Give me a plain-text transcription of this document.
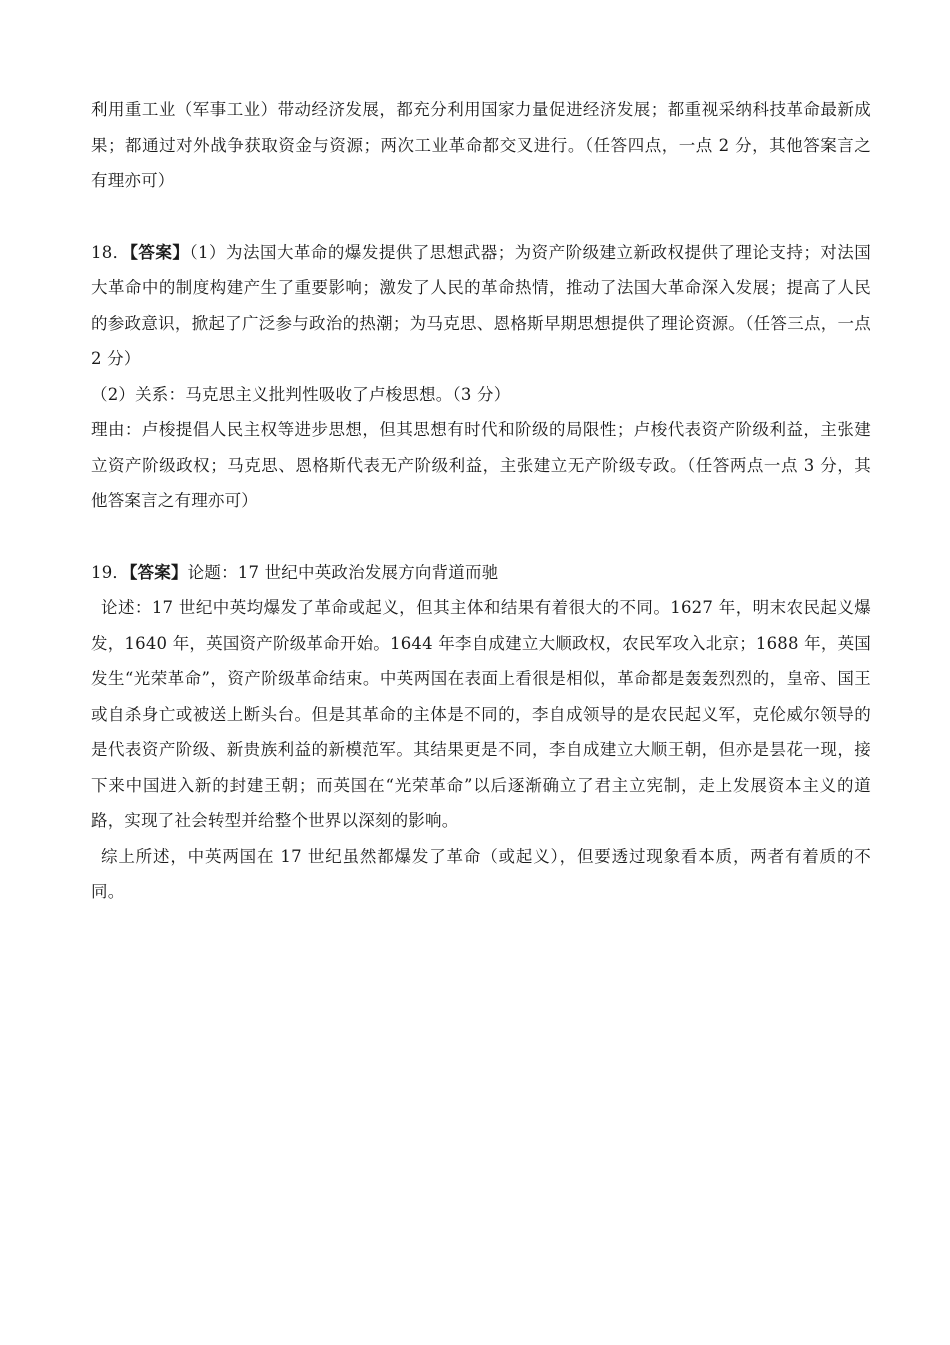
利用重工业（军事工业）带动经济发展，都充分利用国家力量促进经济发展；都重视采纳科技革命最新成果；都通过对外战争获取资金与资源；两次工业革命都交叉进行。（任答四点，一点 2 分，其他答案言之有理亦可）

18．【答案】（1）为法国大革命的爆发提供了思想武器；为资产阶级建立新政权提供了理论支持；对法国大革命中的制度构建产生了重要影响；激发了人民的革命热情，推动了法国大革命深入发展；提高了人民的参政意识，掀起了广泛参与政治的热潮；为马克思、恩格斯早期思想提供了理论资源。（任答三点，一点 2 分）

（2）关系：马克思主义批判性吸收了卢梭思想。（3 分）

理由：卢梭提倡人民主权等进步思想，但其思想有时代和阶级的局限性；卢梭代表资产阶级利益，主张建立资产阶级政权；马克思、恩格斯代表无产阶级利益，主张建立无产阶级专政。（任答两点一点 3 分，其他答案言之有理亦可）

19．【答案】论题：17 世纪中英政治发展方向背道而驰

论述：17 世纪中英均爆发了革命或起义，但其主体和结果有着很大的不同。1627 年，明末农民起义爆发，1640 年，英国资产阶级革命开始。1644 年李自成建立大顺政权，农民军攻入北京；1688 年，英国发生“光荣革命”，资产阶级革命结束。中英两国在表面上看很是相似，革命都是轰轰烈烈的，皇帝、国王或自杀身亡或被送上断头台。但是其革命的主体是不同的，李自成领导的是农民起义军，克伦威尔领导的是代表资产阶级、新贵族利益的新模范军。其结果更是不同，李自成建立大顺王朝，但亦是昙花一现，接下来中国进入新的封建王朝；而英国在“光荣革命”以后逐渐确立了君主立宪制，走上发展资本主义的道路，实现了社会转型并给整个世界以深刻的影响。

综上所述，中英两国在 17 世纪虽然都爆发了革命（或起义），但要透过现象看本质，两者有着质的不同。
